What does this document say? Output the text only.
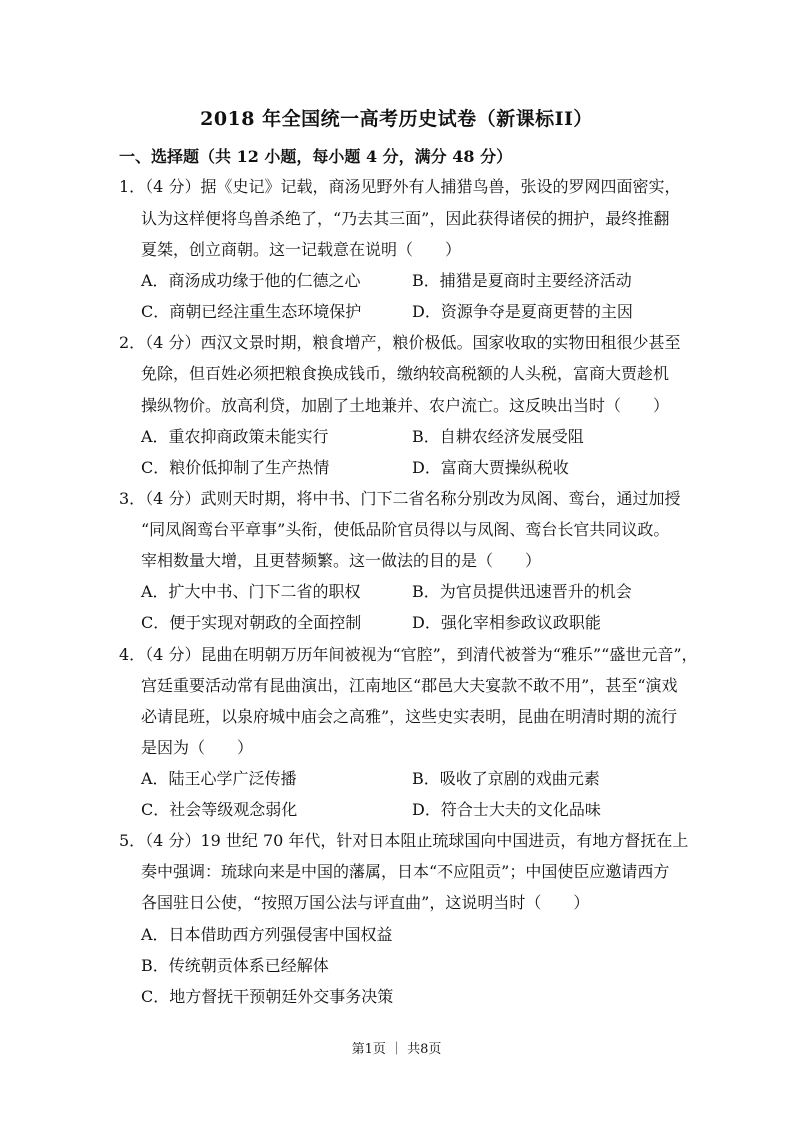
2018 年全国统一高考历史试卷（新课标II）
一、选择题（共 12 小题，每小题 4 分，满分 48 分）
1．（4 分）据《史记》记载，商汤见野外有人捕猎鸟兽，张设的罗网四面密实，
认为这样便将鸟兽杀绝了，“乃去其三面”，因此获得诸侯的拥护，最终推翻
夏桀，创立商朝。这一记载意在说明（　　）
A．商汤成功缘于他的仁德之心	B．捕猎是夏商时主要经济活动
C．商朝已经注重生态环境保护	D．资源争夺是夏商更替的主因
2．（4 分）西汉文景时期，粮食增产，粮价极低。国家收取的实物田租很少甚至
免除，但百姓必须把粮食换成钱币，缴纳较高税额的人头税，富商大贾趁机
操纵物价。放高利贷，加剧了土地兼并、农户流亡。这反映出当时（　　）
A．重农抑商政策未能实行	B．自耕农经济发展受阻
C．粮价低抑制了生产热情	D．富商大贾操纵税收
3．（4 分）武则天时期，将中书、门下二省名称分别改为凤阁、鸾台，通过加授
“同凤阁鸾台平章事”头衔，使低品阶官员得以与凤阁、鸾台长官共同议政。
宰相数量大增，且更替频繁。这一做法的目的是（　　）
A．扩大中书、门下二省的职权	B．为官员提供迅速晋升的机会
C．便于实现对朝政的全面控制	D．强化宰相参政议政职能
4．（4 分）昆曲在明朝万历年间被视为“官腔”，到清代被誉为“雅乐”“盛世元音”，
宫廷重要活动常有昆曲演出，江南地区“郡邑大夫宴款不敢不用”，甚至“演戏
必请昆班，以泉府城中庙会之高雅”，这些史实表明，昆曲在明清时期的流行
是因为（　　）
A．陆王心学广泛传播	B．吸收了京剧的戏曲元素
C．社会等级观念弱化	D．符合士大夫的文化品味
5．（4 分）19 世纪 70 年代，针对日本阻止琉球国向中国进贡，有地方督抚在上
奏中强调：琉球向来是中国的藩属，日本“不应阻贡”；中国使臣应邀请西方
各国驻日公使，“按照万国公法与评直曲”，这说明当时（　　）
A．日本借助西方列强侵害中国权益
B．传统朝贡体系已经解体
C．地方督抚干预朝廷外交事务决策
第1页 ｜ 共8页
